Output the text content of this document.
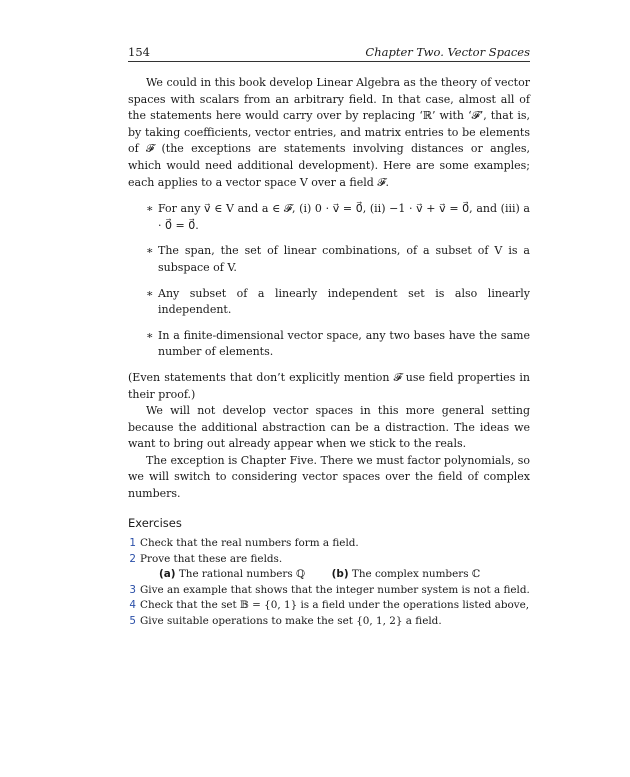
154	Chapter Two. Vector Spaces

We could in this book develop Linear Algebra as the theory of vector spaces with scalars from an arbitrary field. In that case, almost all of the statements here would carry over by replacing ‘ℝ’ with ‘𝓕’, that is, by taking coefficients, vector entries, and matrix entries to be elements of 𝓕 (the exceptions are statements involving distances or angles, which would need additional development). Here are some examples; each applies to a vector space V over a field 𝓕.

∗ For any v⃗ ∈ V and a ∈ 𝓕, (i) 0 · v⃗ = 0⃗, (ii) −1 · v⃗ + v⃗ = 0⃗, and (iii) a · 0⃗ = 0⃗.
∗ The span, the set of linear combinations, of a subset of V is a subspace of V.
∗ Any subset of a linearly independent set is also linearly independent.
∗ In a finite-dimensional vector space, any two bases have the same number of elements.

(Even statements that don’t explicitly mention 𝓕 use field properties in their proof.)

We will not develop vector spaces in this more general setting because the additional abstraction can be a distraction. The ideas we want to bring out already appear when we stick to the reals.

The exception is Chapter Five. There we must factor polynomials, so we will switch to considering vector spaces over the field of complex numbers.

Exercises
1 Check that the real numbers form a field.
2 Prove that these are fields.
(a) The rational numbers ℚ	(b) The complex numbers ℂ
3 Give an example that shows that the integer number system is not a field.
4 Check that the set 𝔹 = {0, 1} is a field under the operations listed above,
5 Give suitable operations to make the set {0, 1, 2} a field.
